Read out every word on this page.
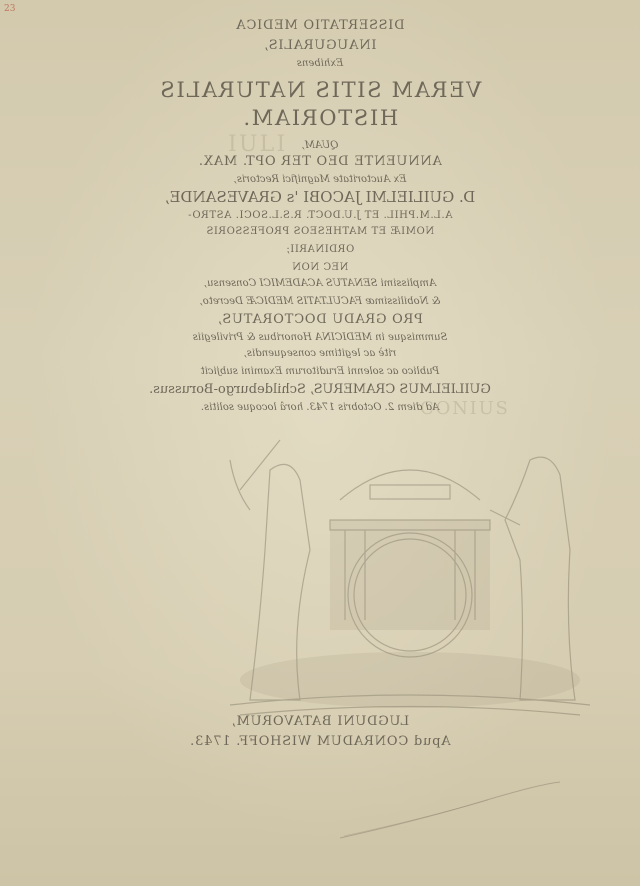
23
IULI
CONIUS
DISSERTATIO MEDICA
INAUGURALIS,
Exhibens
VERAM SITIS NATURALIS
HISTORIAM.
QUAM,
ANNUENTE DEO TER OPT. MAX.
Ex Auctoritate Magnifici Rectoris,
D. GUILIELMI JACOBI 's GRAVESANDE,
A.L.M.PHIL. ET J.U.DOCT. R.S.L.SOCI. ASTRO-
NOMIÆ ET MATHESEOS PROFESSORIS
ORDINARII;
NEC NON
Amplissimi SENATUS ACADEMICI Consensu,
& Nobilissimæ FACULTATIS MEDICÆ Decreto,
PRO GRADU DOCTORATUS,
Summisque in MEDICINA Honoribus & Privilegiis
ritè ac legitime consequendis,
Publico ac solenni Eruditorum Examini subjicit
GUILIELMUS CRAMERUS, Schildeburgo-Borussus.
Ad diem 2. Octobris 1743. horâ locoque solitis.
LUGDUNI BATAVORUM,
Apud CONRADUM WISHOFF. 1743.
